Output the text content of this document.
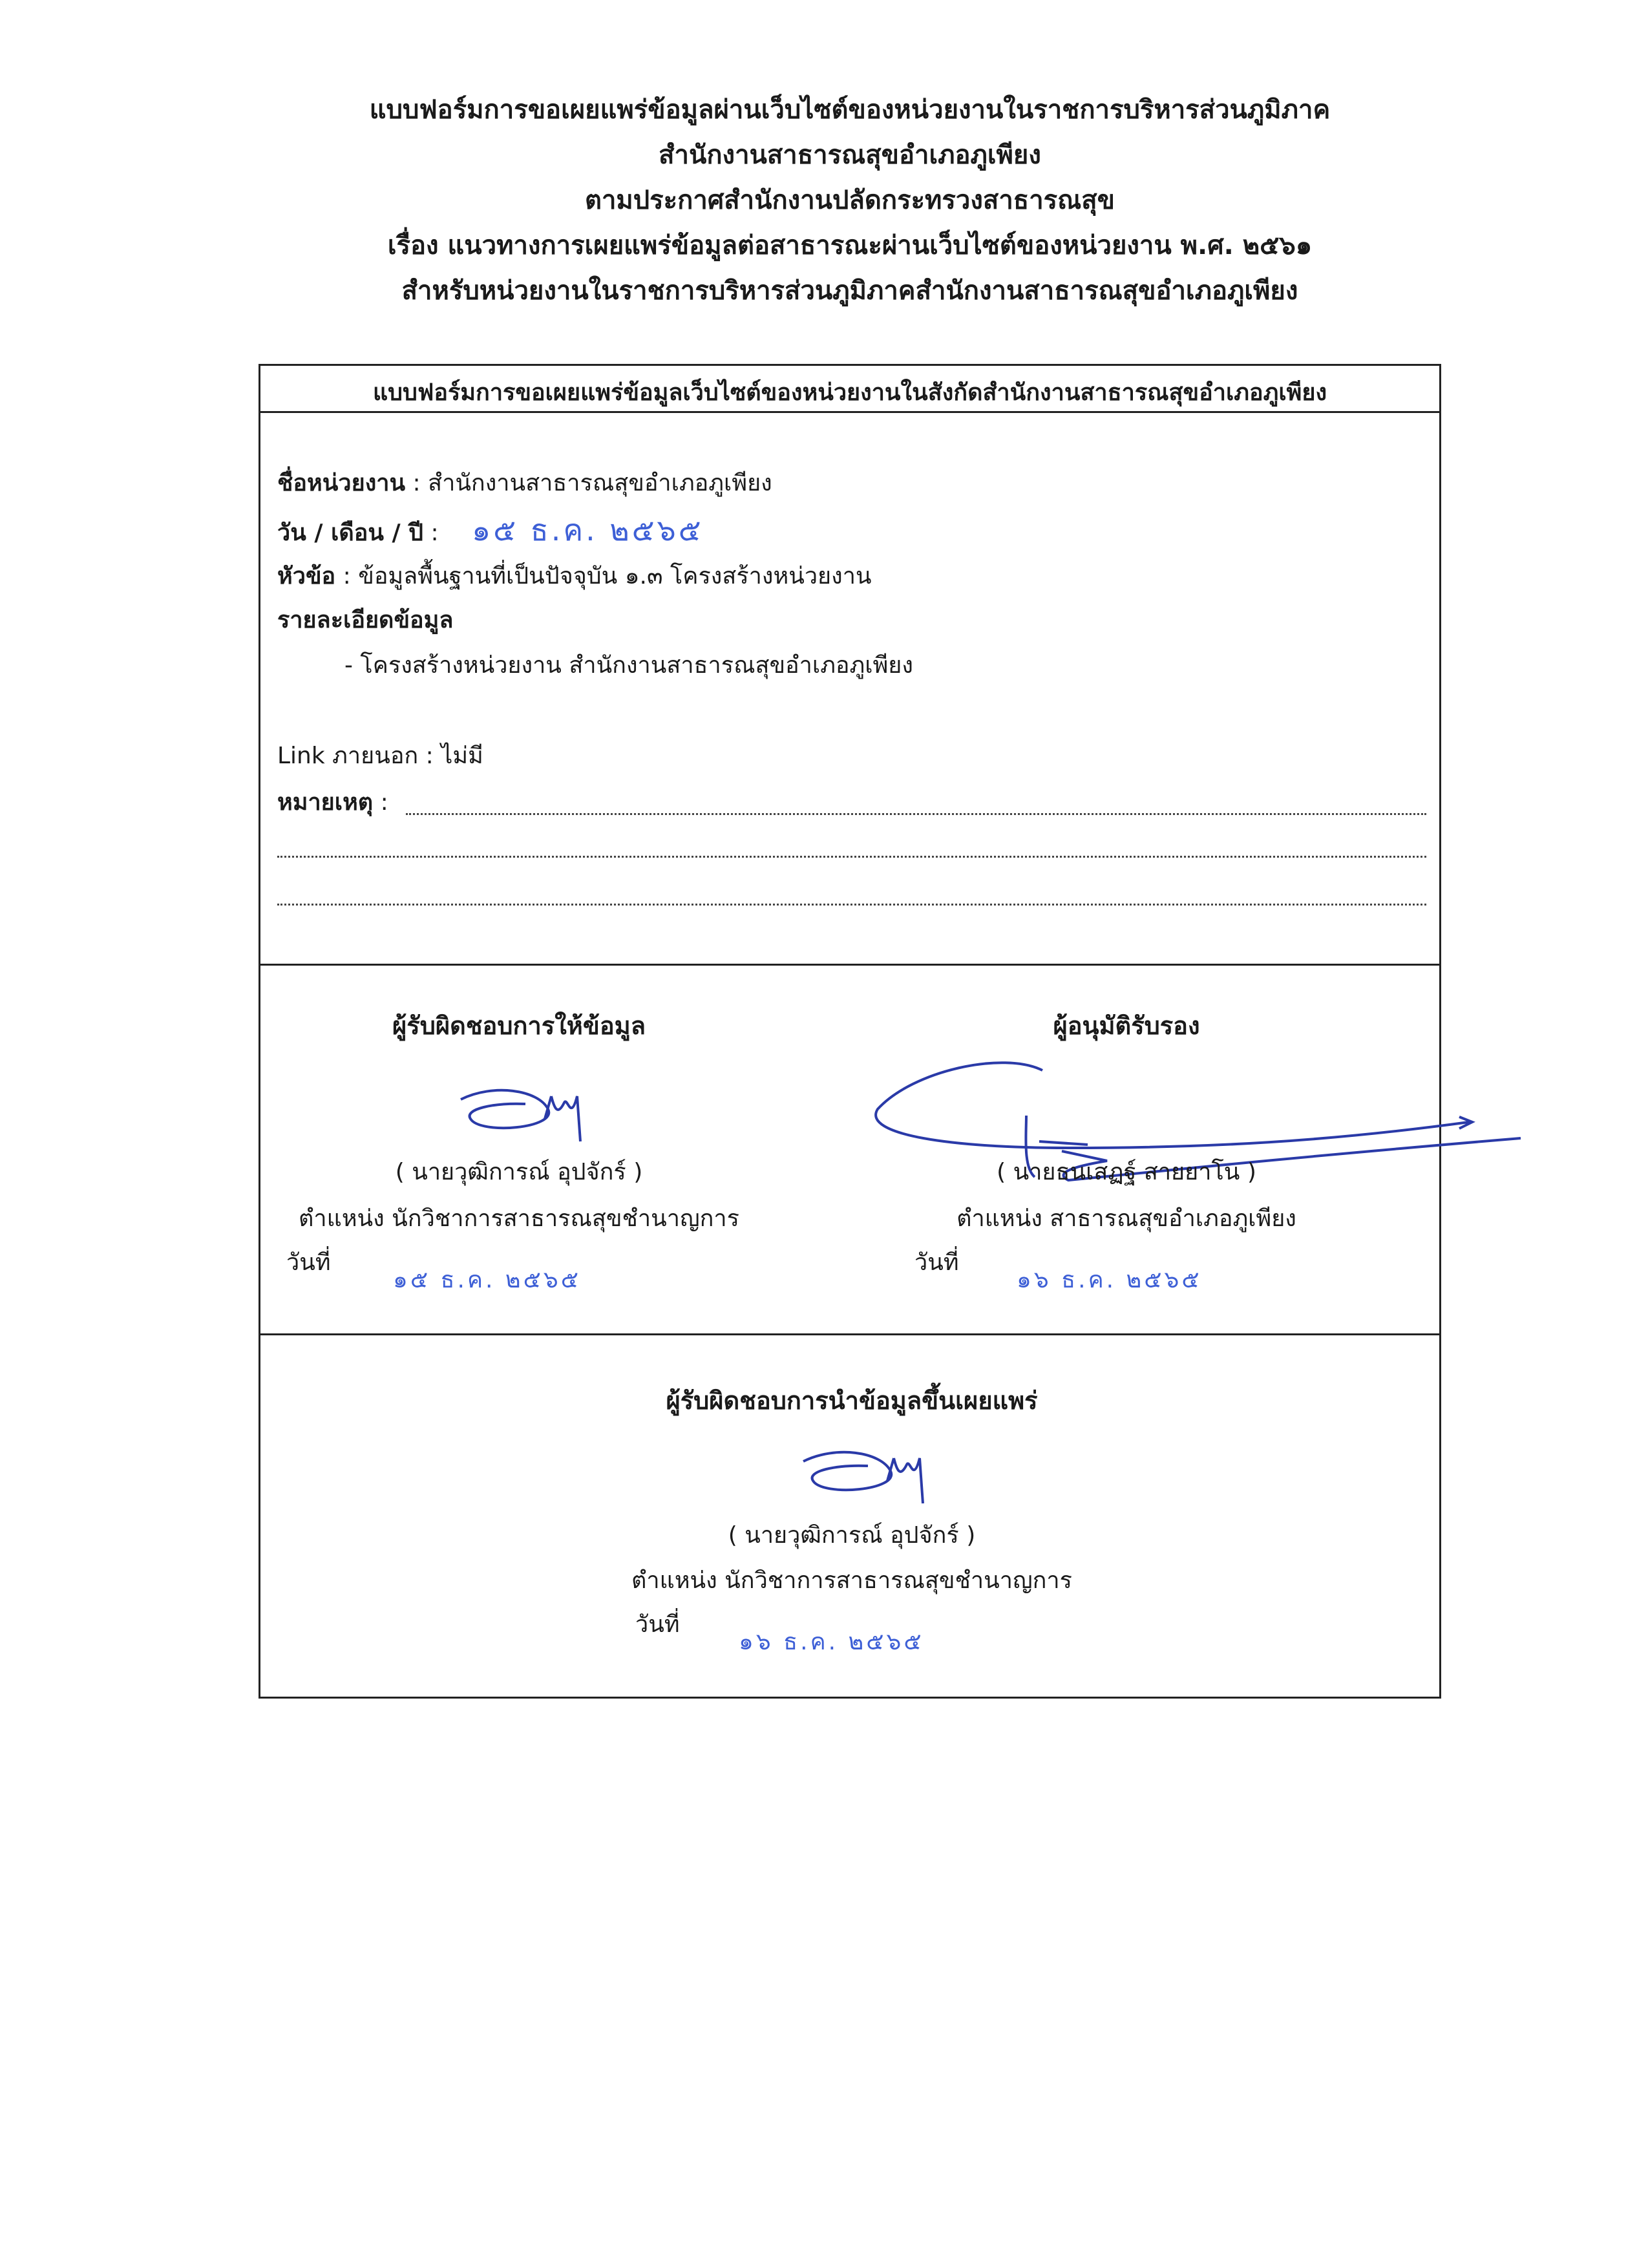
แบบฟอร์มการขอเผยแพร่ข้อมูลผ่านเว็บไซต์ของหน่วยงานในราชการบริหารส่วนภูมิภาค
สำนักงานสาธารณสุขอำเภอภูเพียง
ตามประกาศสำนักงานปลัดกระทรวงสาธารณสุข
เรื่อง แนวทางการเผยแพร่ข้อมูลต่อสาธารณะผ่านเว็บไซต์ของหน่วยงาน พ.ศ. ๒๕๖๑
สำหรับหน่วยงานในราชการบริหารส่วนภูมิภาคสำนักงานสาธารณสุขอำเภอภูเพียง
แบบฟอร์มการขอเผยแพร่ข้อมูลเว็บไซต์ของหน่วยงานในสังกัดสำนักงานสาธารณสุขอำเภอภูเพียง
ชื่อหน่วยงาน : สำนักงานสาธารณสุขอำเภอภูเพียง
วัน / เดือน / ปี : ๑๕ ธ.ค. ๒๕๖๕
หัวข้อ : ข้อมูลพื้นฐานที่เป็นปัจจุบัน ๑.๓ โครงสร้างหน่วยงาน
รายละเอียดข้อมูล
- โครงสร้างหน่วยงาน สำนักงานสาธารณสุขอำเภอภูเพียง
Link ภายนอก : ไม่มี
หมายเหตุ :
ผู้รับผิดชอบการให้ข้อมูล
( นายวุฒิการณ์ อุปจักร์ )
ตำแหน่ง นักวิชาการสาธารณสุขชำนาญการ
วันที่
๑๕ ธ.ค. ๒๕๖๕
ผู้อนุมัติรับรอง
( นายธนเสฏฐ์ สายยาโน )
ตำแหน่ง สาธารณสุขอำเภอภูเพียง
วันที่
๑๖ ธ.ค. ๒๕๖๕
ผู้รับผิดชอบการนำข้อมูลขึ้นเผยแพร่
( นายวุฒิการณ์ อุปจักร์ )
ตำแหน่ง นักวิชาการสาธารณสุขชำนาญการ
วันที่
๑๖ ธ.ค. ๒๕๖๕
